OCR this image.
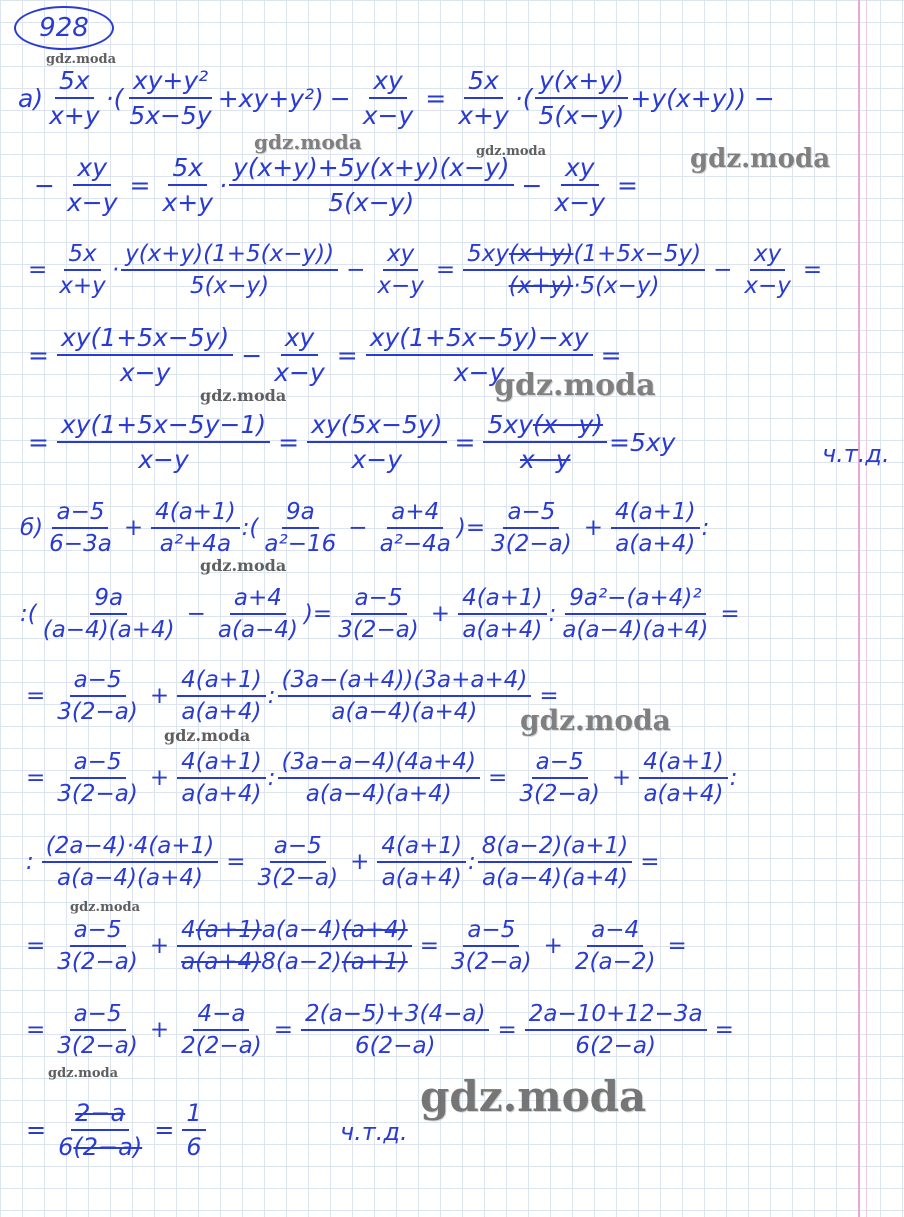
928
$а) \frac{5x}{x+y}$ · ( $\frac{\text{xy+y²}}{5x-5y} +xy+y^2) - \frac{xy}{x-y} = \frac{5x}{x+y}$ ·( $\frac{y(x+y)}{5(x-y)} +y(x+y)$) −
− $\frac{xy}{x-y} = \frac{5x}{x+y} \cdot \frac{y(x+y)+5y(x+y)(x-y)}{5(x-y)} - \frac{xy}{x-y}$ =
= $\frac{5x}{x+y} \cdot \frac{y(x+y)(1+5(x-y))}{5(x-y)} - \frac{xy}{x-y} = \frac{5xy(x+y)(1+5x-5y)}{(x+y)\cdot 5(x-y)} - \frac{xy}{x-y}$ =
= $\frac{xy(1+5x-5y)}{x-y} - \frac{xy}{x-y} = \frac{xy(1+5x-5y)-xy}{x-y}$ =
= $\frac{xy(1+5x-5y-1)}{x-y} = \frac{xy(5x-5y)}{x-y} = \frac{5xy(x-y)}{x-y} =5xy$	ч.т.д.
$б) \frac{a-5}{6-3a} + \frac{4(a+1)}{\text{a²+4a}}$ :( $\frac{9a}{\text{a²−16}} - \frac{a+4}{\text{a²−4a}}$ )= $\frac{a-5}{3(2-a)} + \frac{4(a+1)}{a(a+4)}$ :
:( $\frac{9a}{(a-4)(a+4)} - \frac{a+4}{a(a-4)}$ )= $\frac{a-5}{3(2-a)} + \frac{4(a+1)}{a(a+4)}$ : $\frac{\text{9a²−(a+4)²}}{a(a-4)(a+4)}$ =
= $\frac{a-5}{3(2-a)} + \frac{4(a+1)}{a(a+4)}$ : $\frac{(3a-(a+4))(3a+a+4)}{a(a-4)(a+4)}$ =
= $\frac{a-5}{3(2-a)} + \frac{4(a+1)}{a(a+4)}$ : $\frac{(3a-a-4)(4a+4)}{a(a-4)(a+4)} = \frac{a-5}{3(2-a)} + \frac{4(a+1)}{a(a+4)}$ :
: $\frac{(2a-4)\cdot 4(a+1)}{a(a-4)(a+4)} = \frac{a-5}{3(2-a)} + \frac{4(a+1)}{a(a+4)}$ : $\frac{8(a-2)(a+1)}{a(a-4)(a+4)}$ =
= $\frac{a-5}{3(2-a)} + \frac{4(a+1)a(a-4)(a+4)}{a(a+4)8(a-2)(a+1)} = \frac{a-5}{3(2-a)} + \frac{a-4}{2(a-2)}$ =
= $\frac{a-5}{3(2-a)} + \frac{4-a}{2(2-a)} = \frac{2(a-5)+3(4-a)}{6(2-a)} = \frac{2a-10+12-3a}{6(2-a)}$ =
= $\frac{2-a}{6(2-a)} = \frac{1}{6}$	ч.т.д.
gdz.moda
gdz.moda	gdz.moda	gdz.moda
gdz.moda	gdz.moda
gdz.moda
gdz.moda
gdz.moda
gdz.moda
gdz.moda	gdz.moda
